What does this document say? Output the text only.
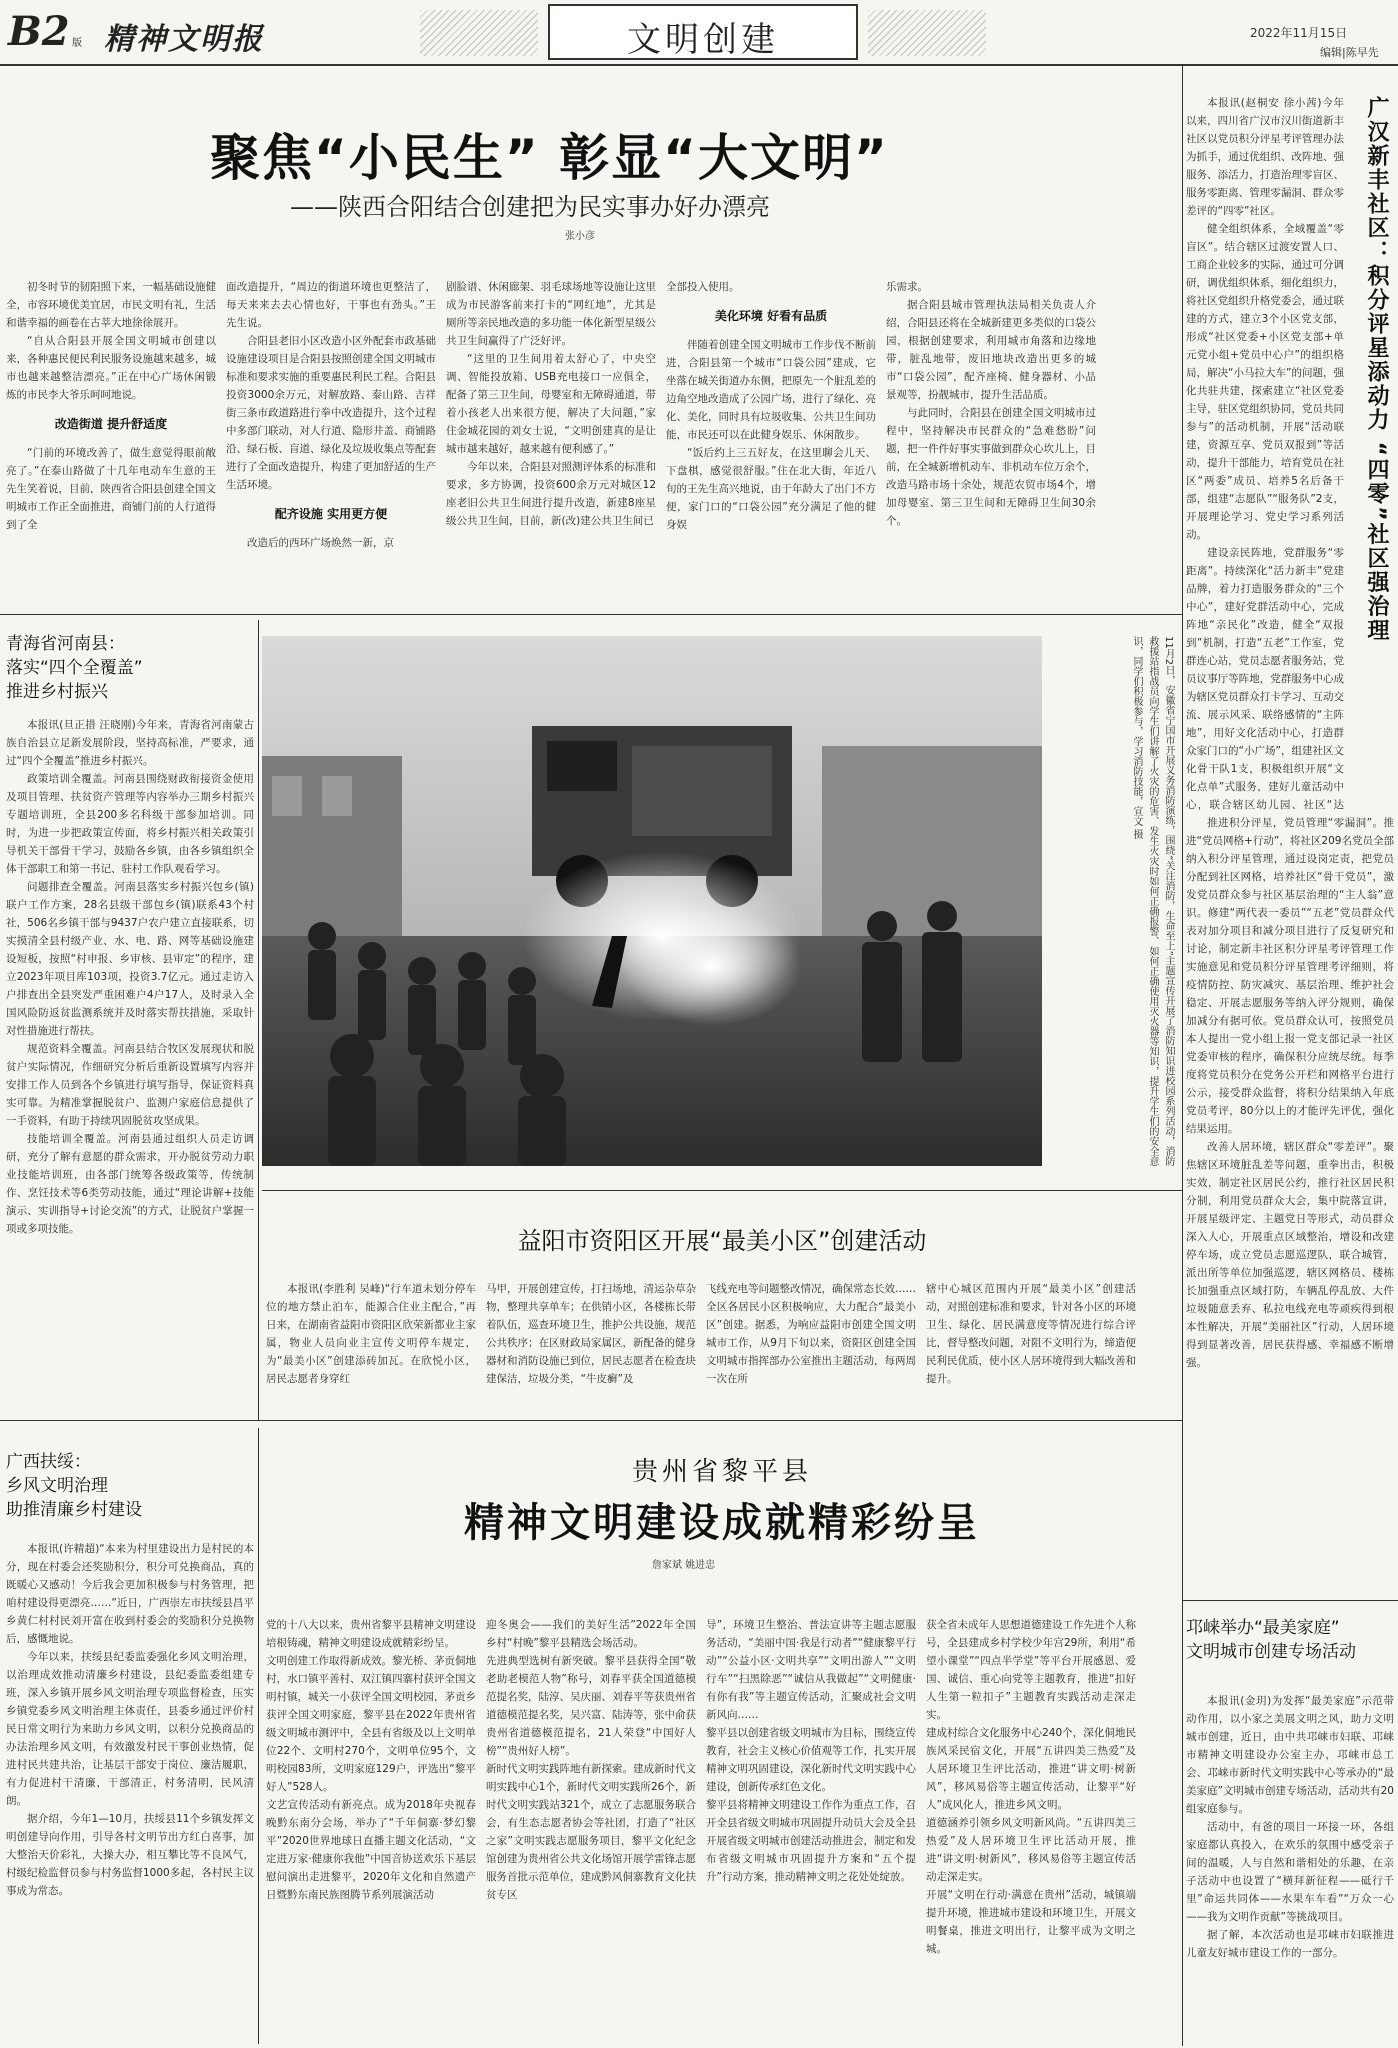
B2 版 精神文明报	文明创建	2022年11月15日
编辑|陈早先
聚焦“小民生” 彰显“大文明”
——陕西合阳结合创建把为民实事办好办漂亮
张小彦

初冬时节的韧阳照下来，一幅基础设施健全，市容环境优美宜居，市民文明有礼，生活和谐幸福的画卷在古莘大地徐徐展开。

“自从合阳县开展全国文明城市创建以来，各种惠民便民利民服务设施越来越多，城市也越来越整洁漂亮。”正在中心广场休闲锻炼的市民李大爷乐呵呵地说。

改造街道 提升舒适度

“门前的环境改善了，做生意觉得眼前敞亮了。”在泰山路做了十几年电动车生意的王先生笑着说，目前，陕西省合阳县创建全国文明城市工作正全面推进，商铺门前的人行道得到了全

面改造提升，“周边的街道环境也更整洁了，每天来来去去心情也好，干事也有劲头。”王先生说。

合阳县老旧小区改造小区外配套市政基础设施建设项目是合阳县按照创建全国文明城市标准和要求实施的重要惠民利民工程。合阳县投资3000余万元，对解放路、泰山路、吉祥街三条市政道路进行拳中改造提升，这个过程中多部门联动，对人行道、隐形井盖、商铺路沿、绿石板、盲道、绿化及垃圾收集点等配套进行了全面改造提升，构建了更加舒适的生产生活环境。

配齐设施 实用更方便

改造后的西环广场焕然一新，京

剧脸谱、休闲廊架、羽毛球场地等设施让这里成为市民游客前来打卡的“网红地”，尤其是厕所等亲民地改造的多功能一体化新型星级公共卫生间赢得了广泛好评。

“这里的卫生间用着太舒心了，中央空调、智能投放箱、USB充电接口一应俱全，配备了第三卫生间，母婴室和无障碍通道，带着小孩老人出来很方便，解决了大问题，”家住金城花园的刘女士说，“文明创建真的是让城市越来越好，越来越有便利感了。”

今年以来，合阳县对照测评体系的标准和要求，多方协调，投资600余万元对城区12座老旧公共卫生间进行提升改造，新建8座星级公共卫生间，目前，新(改)建公共卫生间已

全部投入使用。

美化环境 好看有品质

伴随着创建全国文明城市工作步伐不断前进，合阳县第一个城市“口袋公园”建成，它坐落在城关街道办东侧，把原先一个脏乱差的边角空地改造成了公园广场，进行了绿化、亮化、美化，同时具有垃圾收集、公共卫生间功能，市民还可以在此健身娱乐、休闲散步。

“饭后约上三五好友，在这里聊会儿天、下盘棋，感觉很舒服。”住在北大街，年近八旬的王先生高兴地说，由于年龄大了出门不方便，家门口的“口袋公园”充分满足了他的健身娱

乐需求。

据合阳县城市管理执法局相关负责人介绍，合阳县还将在全城新建更多类似的口袋公园，根据创建要求，利用城市角落和边缘地带，脏乱地带，废旧地块改造出更多的城市“口袋公园”，配齐座椅、健身器材、小品景观等，扮靓城市，提升生活品质。

与此同时，合阳县在创建全国文明城市过程中，坚持解决市民群众的“急难愁盼”问题，把一件件好事实事做到群众心坎儿上，目前，在全城新增机动车、非机动车位万余个，改造马路市场十余处，规范农贸市场4个，增加母婴室、第三卫生间和无障碍卫生间30余个。	广汉新丰社区：积分评星添动力 “四零”社区强治理

本报讯(赵桐安 徐小茜)今年以来，四川省广汉市汉川街道新丰社区以党员积分评星考评管理办法为抓手，通过优组织、改阵地、强服务、添活力，打造治理零盲区、服务零距离、管理零漏洞、群众零差评的“四零”社区。

健全组织体系，全域覆盖“零盲区”。结合辖区过渡安置人口、工商企业较多的实际，通过可分调研，调优组织体系，细化组织力，将社区党组织升格党委会，通过联建的方式，建立3个小区党支部，形成“社区党委+小区党支部+单元党小组+党员中心户”的组织格局，解决“小马拉大车”的问题，强化共驻共建，探索建立“社区党委主导，驻区党组织协同，党员共同参与”的活动机制，开展“活动联建，资源互享、党员双报到”等活动，提升干部能力，培育党员在社区“两委”成员、培养5名后备干部，组建“志愿队”“服务队”2支，开展理论学习、党史学习系列活动。

建设亲民阵地，党群服务“零距离”。持续深化“活力新丰”党建品牌，着力打造服务群众的“三个中心”，建好党群活动中心，完成阵地“亲民化”改造，健全“双报到”机制，打造“五老”工作室，党群连心站，党员志愿者服务站，党员议事厅等阵地，党群服务中心成为辖区党员群众打卡学习、互动交流、展示风采、联络感情的“主阵地”，用好文化活动中心，打造群众家门口的“小广场”，组建社区文化骨干队1支，积极组织开展“文化点单”式服务，建好儿童活动中心，联合辖区幼儿园、社区“达

推进积分评星，党员管理“零漏洞”。推进“党员网格+行动”，将社区209名党员全部纳入积分评星管理，通过设岗定责，把党员分配到社区网格，培养社区“骨干党员”，激发党员群众参与社区基层治理的“主人翁”意识。修建“两代表一委员”“五老”党员群众代表对加分项目和减分项目进行了反复研究和讨论，制定新丰社区积分评星考评管理工作实施意见和党员积分评星管理考评细则，将疫情防控、防灾减灾、基层治理、维护社会稳定、开展志愿服务等纳入评分规则，确保加减分有据可依。党员群众认可，按照党员本人提出一党小组上报一党支部记录一社区党委审核的程序，确保积分应统尽统。每季度将党员积分在党务公开栏和网格平台进行公示，接受群众监督，将积分结果纳入年底党员考评，80分以上的才能评先评优，强化结果运用。

改善人居环境，辖区群众“零差评”。聚焦辖区环境脏乱差等问题，重拳出击，积极实效，制定社区居民公约，推行社区居民积分制，利用党员群众大会，集中院落宣讲，开展星级评定、主题党日等形式，动员群众深入人心，开展重点区域整治，增设和改建停车场，成立党员志愿巡逻队，联合城管，派出所等单位加强巡逻，辖区网格员、楼栋长加强重点区域打防，车辆乱停乱放、大件垃圾随意丢弃、私拉电线充电等顽疾得到根本性解决，开展“美丽社区”行动，人居环境得到显著改善，居民获得感、幸福感不断增强。

青海省河南县：
落实“四个全覆盖”
推进乡村振兴

本报讯(旦正措 汪晓刚)今年来，青海省河南蒙古族自治县立足新发展阶段，坚持高标准，严要求，通过“四个全覆盖”推进乡村振兴。

政策培训全覆盖。河南县围绕财政衔接资金使用及项目管理、扶贫资产管理等内容举办三期乡村振兴专题培训班，全县200多名科级干部参加培训。同时，为进一步把政策宣传面，将乡村振兴相关政策引导机关干部骨干学习，鼓励各乡镇，由各乡镇组织全体干部职工和第一书记、驻村工作队观看学习。

问题排查全覆盖。河南县落实乡村振兴包乡(镇)联户工作方案，28名县级干部包乡(镇)联系43个村社，506名乡镇干部与9437户农户建立直接联系，切实摸清全县村级产业、水、电、路、网等基础设施建设短板，按照“村申报、乡审核、县审定”的程序，建立2023年项目库103项，投资3.7亿元。通过走访入户排查出全县突发严重困难户4户17人，及时录入全国风险防返贫监测系统并及时落实帮扶措施，采取针对性措施进行帮扶。

规范资料全覆盖。河南县结合牧区发展现状和脱贫户实际情况，作细研究分析后重新设置填写内容并安排工作人员到各个乡镇进行填写指导，保证资料真实可靠。为精准掌握脱贫户、监测户家庭信息提供了一手资料，有助于持续巩固脱贫攻坚成果。

技能培训全覆盖。河南县通过组织人员走访调研，充分了解有意愿的群众需求，开办脱贫劳动力职业技能培训班，由各部门统筹各级政策等，传统制作、烹饪技术等6类劳动技能，通过“理论讲解+技能演示、实训指导+讨论交流”的方式，让脱贫户掌握一项或多项技能。

11月2日，安徽省宁国市开展义务消防演练，围绕“关注消防，生命至上”主题宣传开展了消防知识进校园系列活动，消防救援站指战员向学生们讲解了火灾的危害、发生火灾时如何正确报警、如何正确使用灭火器等知识，提升学生们的安全意识，同学们积极参与，学习消防技能，宣文 摄
益阳市资阳区开展“最美小区”创建活动
本报讯(李胜利 吴峰)“行车道未划分停车位的地方禁止泊车，能源合住业主配合，”再日来，在湖南省益阳市资阳区欣荣新都业主家属，物业人员向业主宣传文明停车规定，为“最美小区”创建添砖加瓦。在欣悦小区，居民志愿者身穿红
马甲，开展创建宣传，打扫场地，清运杂草杂物，整理共享单车；在供销小区，各楼栋长带着队伍，巡查环境卫生，推护公共设施，规范公共秩序；在区财政局家属区，新配备的健身器材和消防设施已到位，居民志愿者在检查块建保洁，垃圾分类，“牛皮癣”及
飞线充电等问题整改情况，确保常态长效……全区各居民小区积极响应，大力配合“最美小区”创建。据悉，为响应益阳市创建全国文明城市工作，从9月下旬以来，资阳区创建全国文明城市指挥部办公室推出主题活动，每两周一次在所
辖中心城区范围内开展“最美小区”创建活动，对照创建标准和要求，针对各小区的环境卫生、绿化、居民满意度等情况进行综合评比，督导整改问题，对阻不文明行为，缔造便民利民优质，使小区人居环境得到大幅改善和提升。
广西扶绥：
乡风文明治理
助推清廉乡村建设

本报讯(许精超)“本来为村里建设出力是村民的本分，现在村委会还奖励积分，积分可兑换商品，真的既暖心又感动！今后我会更加积极参与村务管理，把咱村建设得更漂亮……”近日，广西崇左市扶绥县昌平乡黄仁村村民刘开富在收到村委会的奖励积分兑换物后，感慨地说。

今年以来，扶绥县纪委监委强化乡风文明治理，以治理成效推动清廉乡村建设，县纪委监委组建专班，深入乡镇开展乡风文明治理专项监督检查，压实乡镇党委乡风文明治理主体责任，县委乡通过评价村民日常文明行为来助力乡风文明，以积分兑换商品的办法治理乡风文明，有效激发村民干事创业热情，促进村民共建共治，让基层干部安于岗位、廉洁履职，有力促进村干清廉，干部清正，村务清明，民风清朗。

据介绍，今年1—10月，扶绥县11个乡镇发挥文明创建导向作用，引导各村文明节出方红白喜事，加大整治天价彩礼，大操大办，相互攀比等不良风气，村级纪检监督员参与村务监督1000多起，各村民主议事成为常态。

贵州省黎平县
精神文明建设成就精彩纷呈
詹家斌 姚进忠
党的十八大以来，贵州省黎平县精神文明建设培根铸魂，精神文明建设成就精彩纷呈。
文明创建工作取得新成效。黎光桥、茅贡侗地村，水口镇平善村、双江镇四寨村获评全国文明村镇，城关一小获评全国文明校园，茅贡乡获评全国文明家庭，黎平县在2022年贵州省级文明城市测评中，全县有省级及以上文明单位22个、文明村270个，文明单位95个，文明校园83所，文明家庭129户，评选出“黎平好人”528人。
文艺宣传活动有新亮点。成为2018年央视春晚黔东南分会场，举办了“千年侗寨·梦幻黎平”2020世界地球日直播主题文化活动，“文定进万家·健康你我他”中国音协送欢乐下基层慰问演出走进黎平，2020年文化和自然遗产日暨黔东南民族图腾节系列展演活动
迎冬奥会——我们的美好生活”2022年全国乡村“村晚”黎平县精选会场活动。
先进典型选树有新突破。黎平县获得全国“敬老助老模范人物”称号，刘春平获全国道德模范提名奖，陆淳、吴庆丽、刘春平等获贵州省道德模范提名奖，吴兴富、陆涛等，张中俞获贵州省道德模范提名，21人荣登“中国好人榜”“贵州好人榜”。
新时代文明实践阵地有新探索。建成新时代文明实践中心1个，新时代文明实践所26个，新时代文明实践站321个，成立了志愿服务联合会，有生态志愿者协会等社团，打造了“社区之家”文明实践志愿服务项目，黎平文化纪念馆创建为贵州省公共文化场馆开展学雷锋志愿服务首批示范单位，建成黔风侗寨教育文化扶贫专区
导”，环境卫生整治、普法宣讲等主题志愿服务活动，“美丽中国·我是行动者”“健康黎平行动”“公益小区·文明共享”“文明出游人”“文明行车”“扫黑除恶”“诚信从我做起”“文明健康·有你有我”等主题宣传活动，汇聚成社会文明新风向……
黎平县以创建省级文明城市为目标，围绕宣传教育，社会主义核心价值观等工作，扎实开展精神文明巩固建设，深化新时代文明实践中心建设，创新传承红色文化。
黎平县将精神文明建设工作作为重点工作，召开全县省级文明城市巩固提升动员大会及全县开展省级文明城市创建活动推进会，制定和发布省级文明城市巩固提升方案和“五个提升”行动方案，推动精神文明之花处处绽放。
获全省未成年人思想道德建设工作先进个人称号，全县建成乡村学校少年宫29所，利用“希望小课堂”“四点半学堂”等平台开展感恩、爱国、诚信、重心向党等主题教育，推进“扣好人生第一粒扣子”主题教育实践活动走深走实。
建成村综合文化服务中心240个，深化侗地民族风采民宿文化，开展“五讲四美三热爱”及人居环境卫生评比活动，推进“讲文明·树新风”，移风易俗等主题宣传活动，让黎平“好人”成风化人，推进乡风文明。
道德涵养引领乡风文明新风尚。“五讲四美三热爱”及人居环境卫生评比活动开展，推进“讲文明·树新风”，移风易俗等主题宣传活动走深走实。
开展“文明在行动·满意在贵州”活动，城镇端提升环境，推进城市建设和环境卫生，开展文明餐桌，推进文明出行，让黎平成为文明之城。
邛崃举办“最美家庭”
文明城市创建专场活动

本报讯(金玥)为发挥“最美家庭”示范带动作用，以小家之美展文明之风，助力文明城市创建，近日，由中共邛崃市妇联、邛崃市精神文明建设办公室主办，邛崃市总工会、邛崃市新时代文明实践中心等承办的“最美家庭”文明城市创建专场活动，活动共有20组家庭参与。

活动中，有爸的项目一环接一环，各组家庭都认真投入，在欢乐的氛围中感受亲子间的温暖，人与自然和谐相处的乐趣，在亲子活动中也设置了“横拜新征程——砥行千里”命运共同体——水果车车看”“万众一心——我为文明作贡献”等挑战项目。

据了解，本次活动也是邛崃市妇联推进儿童友好城市建设工作的一部分。
